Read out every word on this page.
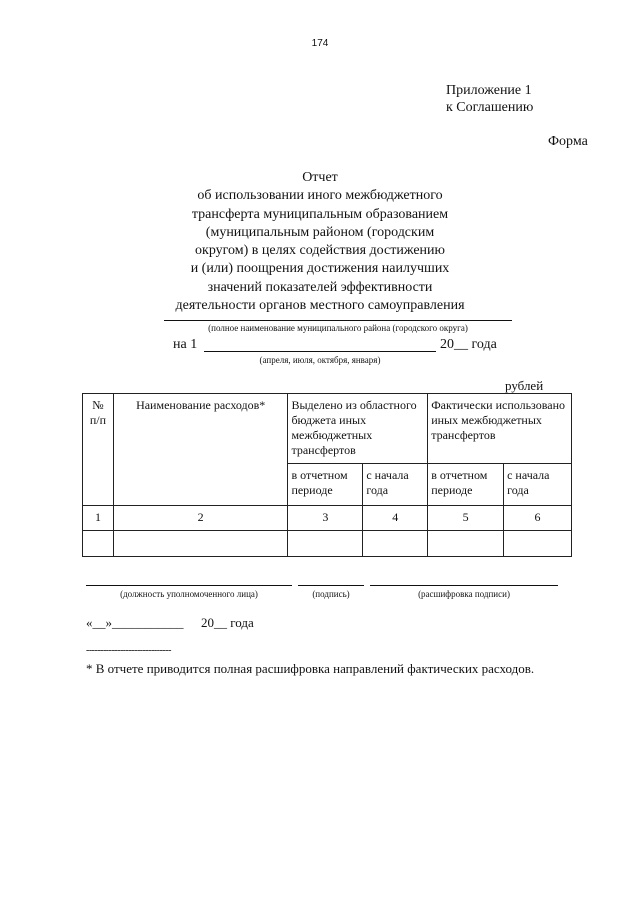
174
Приложение 1
к Соглашению
Форма
Отчет
об использовании иного межбюджетного
трансферта муниципальным образованием
(муниципальным районом (городским
округом) в целях содействия достижению
и (или) поощрения достижения наилучших
значений показателей эффективности
деятельности органов местного самоуправления
(полное наименование муниципального района (городского округа)
на 1	20__ года
(апреля, июля, октября, января)
рублей
№ п/п	Наименование расходов*	Выделено из областного бюджета иных межбюджетных трансфертов		Фактически использовано иных межбюджетных трансфертов	
		в отчетном периоде	с начала года	в отчетном периоде	с начала года
1	2	3	4	5	6

(должность уполномоченного лица)	(подпись)	(расшифровка подписи)
«__»___________ 20__ года
------------------------------
* В отчете приводится полная расшифровка направлений фактических расходов.
